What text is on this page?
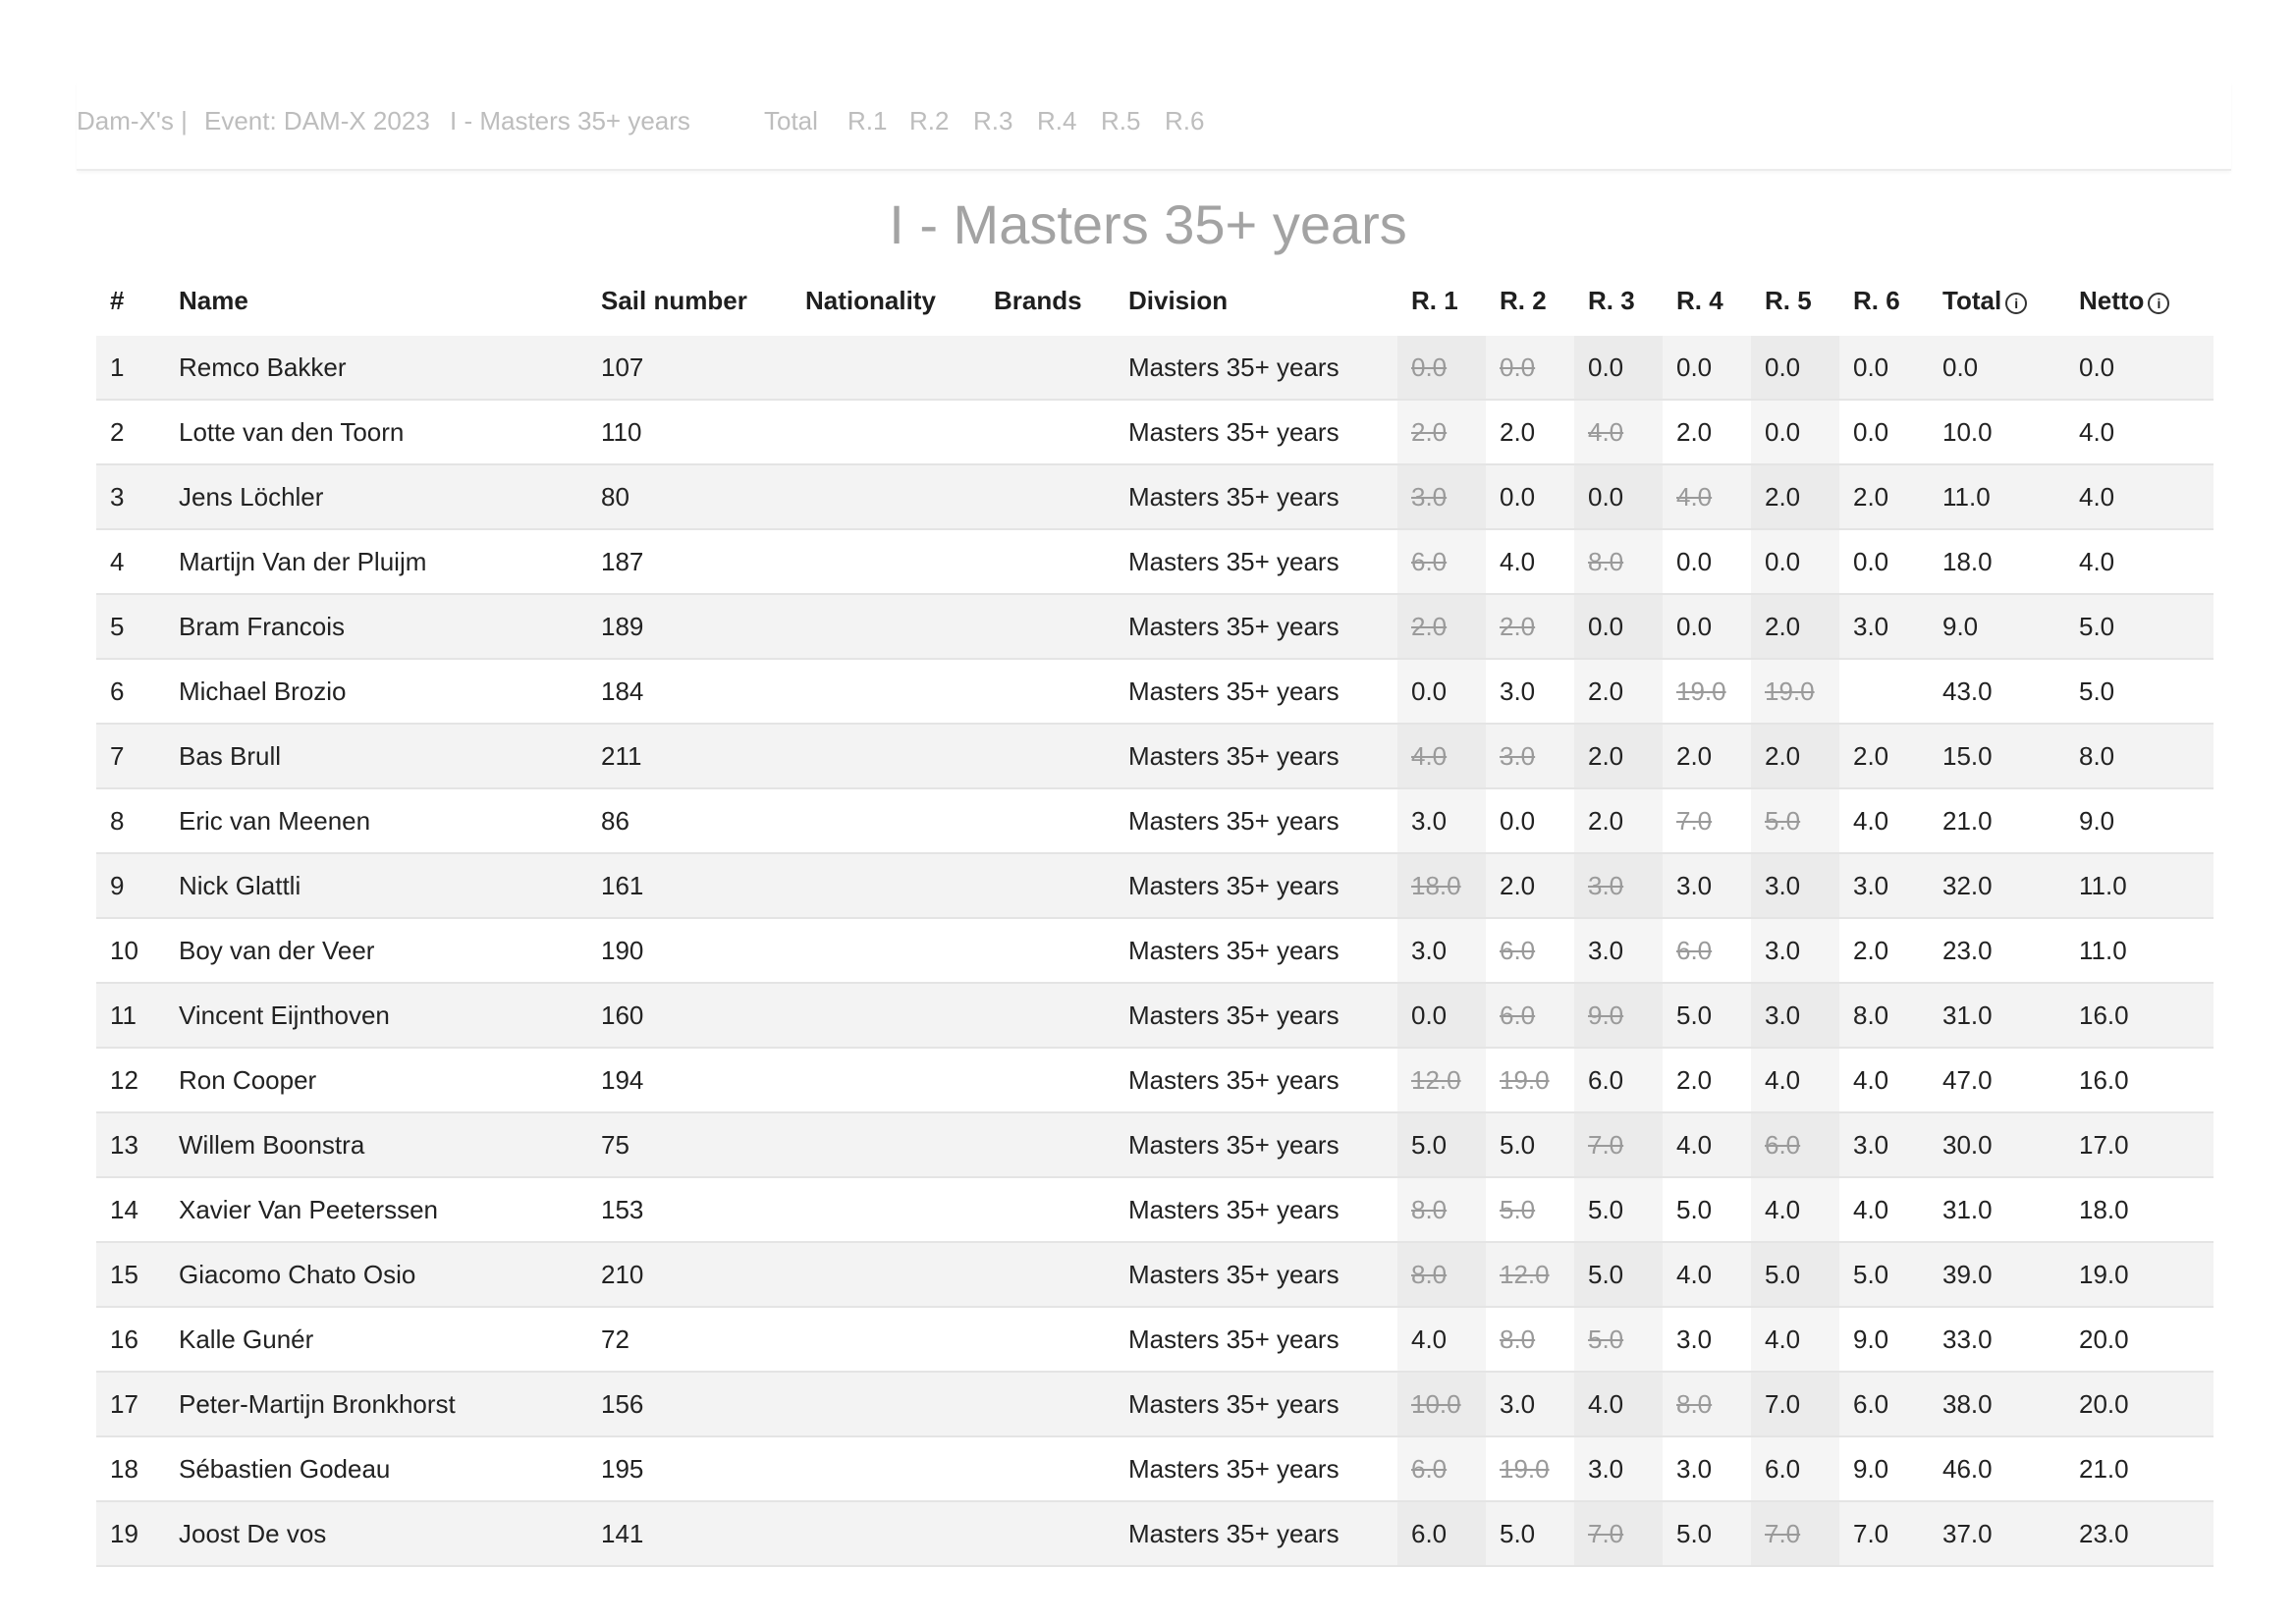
Dam-X's | Event: DAM-X 2023 I - Masters 35+ years	Total R.1 R.2 R.3 R.4 R.5 R.6
I - Masters 35+ years
#	Name	Sail number	Nationality	Brands	Division	R. 1	R. 2	R. 3	R. 4	R. 5	R. 6	Total i	Netto i
1	Remco Bakker	107			Masters 35+ years	0.0	0.0	0.0	0.0	0.0	0.0	0.0	0.0
2	Lotte van den Toorn	110			Masters 35+ years	2.0	2.0	4.0	2.0	0.0	0.0	10.0	4.0
3	Jens Löchler	80			Masters 35+ years	3.0	0.0	0.0	4.0	2.0	2.0	11.0	4.0
4	Martijn Van der Pluijm	187			Masters 35+ years	6.0	4.0	8.0	0.0	0.0	0.0	18.0	4.0
5	Bram Francois	189			Masters 35+ years	2.0	2.0	0.0	0.0	2.0	3.0	9.0	5.0
6	Michael Brozio	184			Masters 35+ years	0.0	3.0	2.0	19.0	19.0		43.0	5.0
7	Bas Brull	211			Masters 35+ years	4.0	3.0	2.0	2.0	2.0	2.0	15.0	8.0
8	Eric van Meenen	86			Masters 35+ years	3.0	0.0	2.0	7.0	5.0	4.0	21.0	9.0
9	Nick Glattli	161			Masters 35+ years	18.0	2.0	3.0	3.0	3.0	3.0	32.0	11.0
10	Boy van der Veer	190			Masters 35+ years	3.0	6.0	3.0	6.0	3.0	2.0	23.0	11.0
11	Vincent Eijnthoven	160			Masters 35+ years	0.0	6.0	9.0	5.0	3.0	8.0	31.0	16.0
12	Ron Cooper	194			Masters 35+ years	12.0	19.0	6.0	2.0	4.0	4.0	47.0	16.0
13	Willem Boonstra	75			Masters 35+ years	5.0	5.0	7.0	4.0	6.0	3.0	30.0	17.0
14	Xavier Van Peeterssen	153			Masters 35+ years	8.0	5.0	5.0	5.0	4.0	4.0	31.0	18.0
15	Giacomo Chato Osio	210			Masters 35+ years	8.0	12.0	5.0	4.0	5.0	5.0	39.0	19.0
16	Kalle Gunér	72			Masters 35+ years	4.0	8.0	5.0	3.0	4.0	9.0	33.0	20.0
17	Peter-Martijn Bronkhorst	156			Masters 35+ years	10.0	3.0	4.0	8.0	7.0	6.0	38.0	20.0
18	Sébastien Godeau	195			Masters 35+ years	6.0	19.0	3.0	3.0	6.0	9.0	46.0	21.0
19	Joost De vos	141			Masters 35+ years	6.0	5.0	7.0	5.0	7.0	7.0	37.0	23.0
